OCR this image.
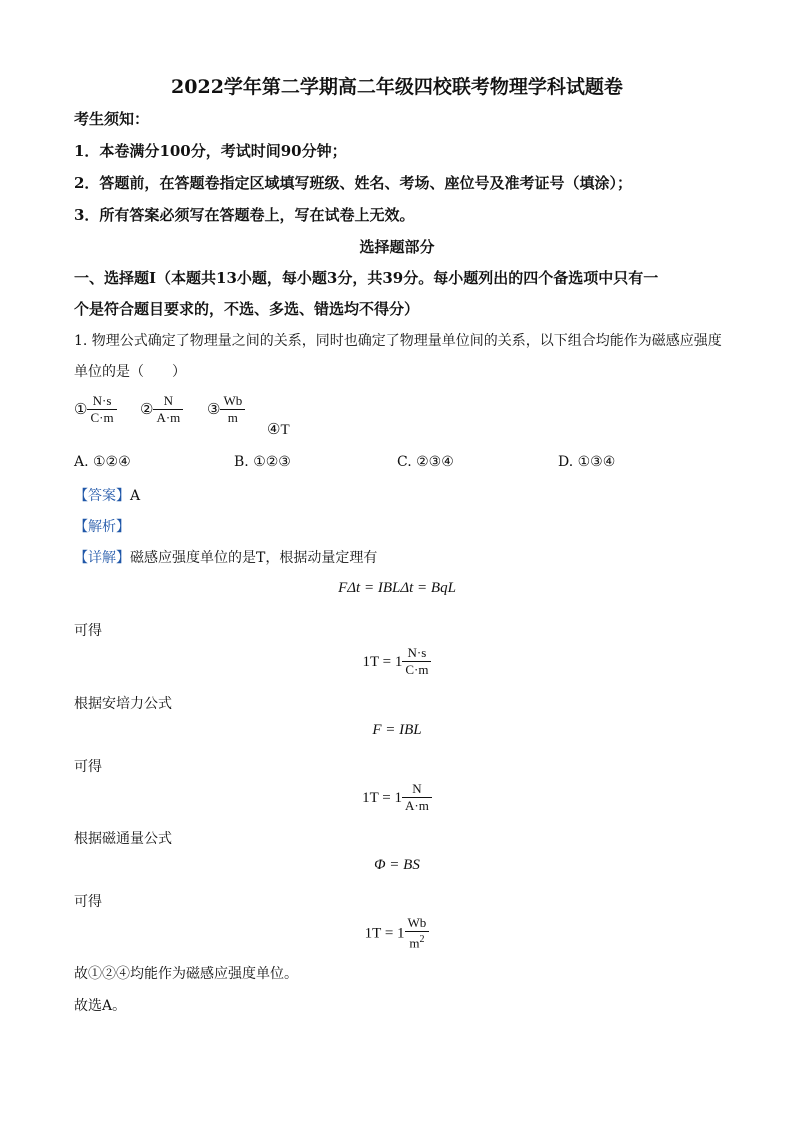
2022学年第二学期高二年级四校联考物理学科试题卷
考生须知：
1．本卷满分100分，考试时间90分钟；
2．答题前，在答题卷指定区域填写班级、姓名、考场、座位号及准考证号（填涂）；
3．所有答案必须写在答题卷上，写在试卷上无效。
选择题部分
一、选择题Ⅰ（本题共13小题，每小题3分，共39分。每小题列出的四个备选项中只有一
个是符合题目要求的，不选、多选、错选均不得分）
1. 物理公式确定了物理量之间的关系，同时也确定了物理量单位间的关系，以下组合均能作为磁感应强度
单位的是（　　）
① $\frac{N\cdot s}{C\cdot m}$ ② $\frac{N}{A\cdot m}$ ③ $\frac{Wb}{m}$
④T
A. ①②④	B. ①②③	C. ②③④	D. ①③④
【答案】A
【解析】
【详解】磁感应强度单位的是T，根据动量定理有
FΔt = IBLΔt = BqL
可得
$1T = 1 \frac{N\cdot s}{C\cdot m}$
根据安培力公式
F = IBL
可得
$1T = 1 \frac{N}{A\cdot m}$
根据磁通量公式
Φ = BS
可得
$1T = 1 \frac{Wb}{m^2}$
故①②④均能作为磁感应强度单位。
故选A。
